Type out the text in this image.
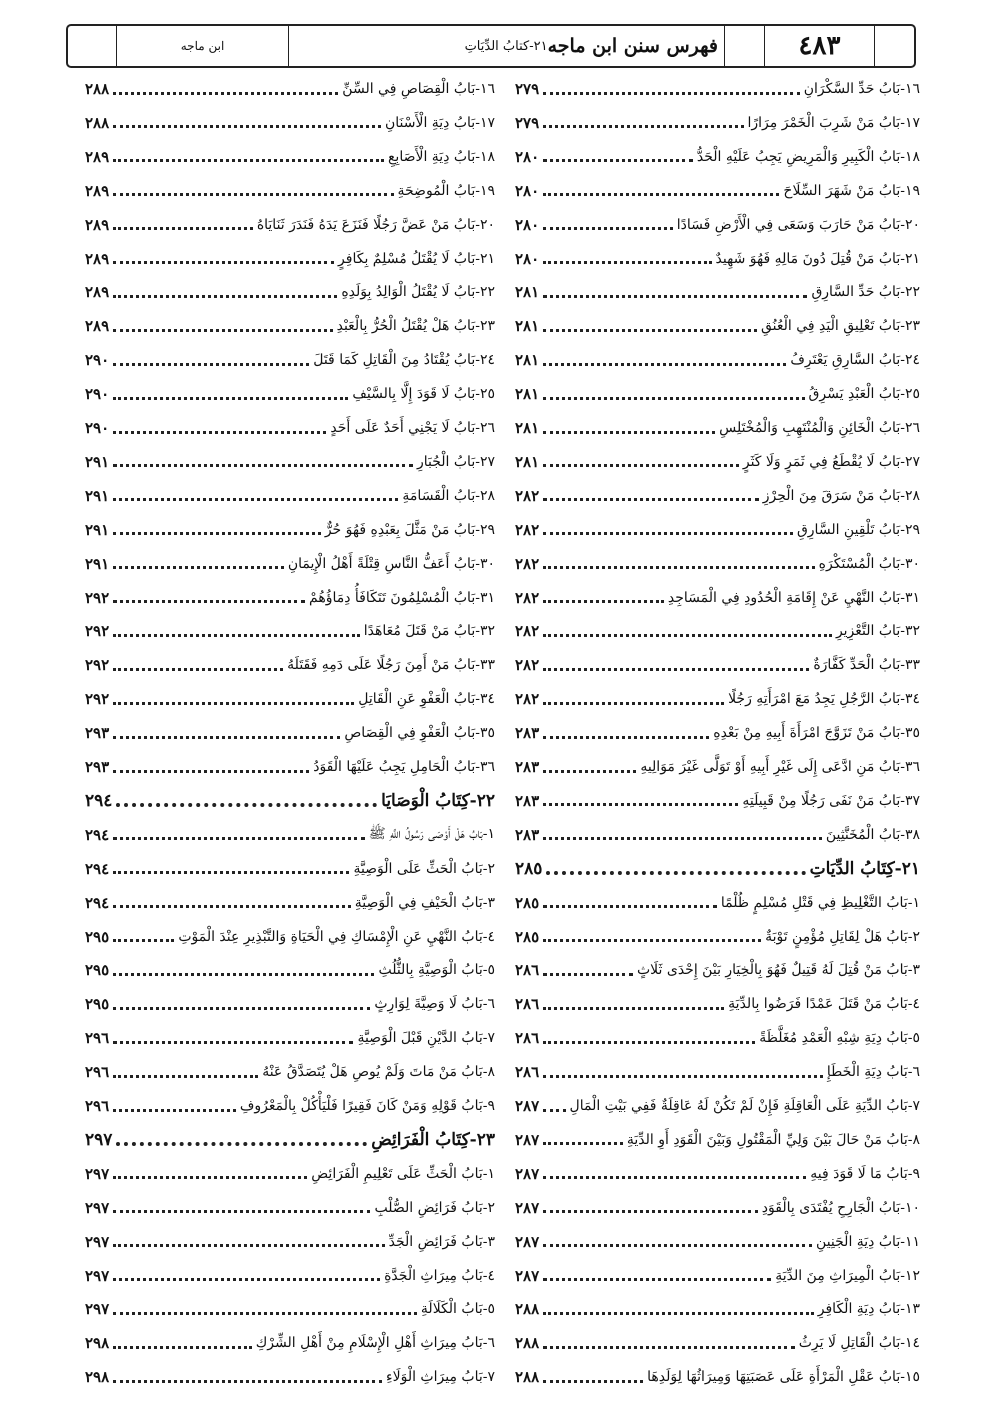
ابن ماجه	٢١-كتابُ الدِّيَاتِ فهرس سنن ابن ماجه	٤٨٣
١٦-بَابُ حَدِّ السَّكْرَانِ
٢٧٩
١٧-بَابُ مَنْ شَرِبَ الْخَمْرَ مِرَارًا
٢٧٩
١٨-بَابُ الْكَبِيرِ وَالْمَرِيضِ يَجِبُ عَلَيْهِ الْحَدُّ
٢٨٠
١٩-بَابُ مَنْ شَهَرَ السِّلَاحَ
٢٨٠
٢٠-بَابُ مَنْ حَارَبَ وَسَعَى فِي الْأَرْضِ فَسَادًا
٢٨٠
٢١-بَابُ مَنْ قُتِلَ دُونَ مَالِهِ فَهُوَ شَهِيدٌ
٢٨٠
٢٢-بَابُ حَدِّ السَّارِقِ
٢٨١
٢٣-بَابُ تَعْلِيقِ الْيَدِ فِي الْعُنُقِ
٢٨١
٢٤-بَابُ السَّارِقِ يَعْتَرِفُ
٢٨١
٢٥-بَابُ الْعَبْدِ يَسْرِقُ
٢٨١
٢٦-بَابُ الْخَائِنِ وَالْمُنْتَهِبِ وَالْمُخْتَلِسِ
٢٨١
٢٧-بَابُ لَا يُقْطَعُ فِي ثَمَرٍ وَلَا كَثَرٍ
٢٨١
٢٨-بَابُ مَنْ سَرَقَ مِنَ الْحِرْزِ
٢٨٢
٢٩-بَابُ تَلْقِينِ السَّارِقِ
٢٨٢
٣٠-بَابُ الْمُسْتَكْرَهِ
٢٨٢
٣١-بَابُ النَّهْيِ عَنْ إِقَامَةِ الْحُدُودِ فِي الْمَسَاجِدِ
٢٨٢
٣٢-بَابُ التَّعْزِيرِ
٢٨٢
٣٣-بَابُ الْحَدِّ كَفَّارَةٌ
٢٨٢
٣٤-بَابُ الرَّجُلِ يَجِدُ مَعَ امْرَأَتِهِ رَجُلًا
٢٨٢
٣٥-بَابُ مَنْ تَزَوَّجَ امْرَأَةَ أَبِيهِ مِنْ بَعْدِهِ
٢٨٣
٣٦-بَابُ مَنِ ادَّعَى إِلَى غَيْرِ أَبِيهِ أَوْ تَوَلَّى غَيْرَ مَوَالِيهِ
٢٨٣
٣٧-بَابُ مَنْ نَفَى رَجُلًا مِنْ قَبِيلَتِهِ
٢٨٣
٣٨-بَابُ الْمُخَنَّثِينَ
٢٨٣
٢١-كِتَابُ الدِّيَاتِ
٢٨٥
١-بَابُ التَّغْلِيظِ فِي قَتْلِ مُسْلِمٍ ظُلْمًا
٢٨٥
٢-بَابُ هَلْ لِقَاتِلِ مُؤْمِنٍ تَوْبَةٌ
٢٨٥
٣-بَابُ مَنْ قُتِلَ لَهُ قَتِيلٌ فَهُوَ بِالْخِيَارِ بَيْنَ إِحْدَى ثَلَاثٍ
٢٨٦
٤-بَابُ مَنْ قَتَلَ عَمْدًا فَرَضُوا بِالدِّيَةِ
٢٨٦
٥-بَابُ دِيَةِ شِبْهِ الْعَمْدِ مُغَلَّظَةً
٢٨٦
٦-بَابُ دِيَةِ الْخَطَإِ
٢٨٦
٧-بَابُ الدِّيَةِ عَلَى الْعَاقِلَةِ فَإِنْ لَمْ تَكُنْ لَهُ عَاقِلَةٌ فَفِي بَيْتِ الْمَالِ
٢٨٧
٨-بَابُ مَنْ حَالَ بَيْنَ وَلِيِّ الْمَقْتُولِ وَبَيْنَ الْقَوَدِ أَوِ الدِّيَةِ
٢٨٧
٩-بَابُ مَا لَا قَوَدَ فِيهِ
٢٨٧
١٠-بَابُ الْجَارِحِ يُفْتَدَى بِالْقَوَدِ
٢٨٧
١١-بَابُ دِيَةِ الْجَنِينِ
٢٨٧
١٢-بَابُ الْمِيرَاثِ مِنَ الدِّيَةِ
٢٨٧
١٣-بَابُ دِيَةِ الْكَافِرِ
٢٨٨
١٤-بَابُ الْقَاتِلِ لَا يَرِثُ
٢٨٨
١٥-بَابُ عَقْلِ الْمَرْأَةِ عَلَى عَصَبَتِهَا وَمِيرَاثُهَا لِوَلَدِهَا
٢٨٨
١٦-بَابُ الْقِصَاصِ فِي السِّنِّ
٢٨٨
١٧-بَابُ دِيَةِ الْأَسْنَانِ
٢٨٨
١٨-بَابُ دِيَةِ الْأَصَابِعِ
٢٨٩
١٩-بَابُ الْمُوضِحَةِ
٢٨٩
٢٠-بَابُ مَنْ عَضَّ رَجُلًا فَنَزَعَ يَدَهُ فَنَدَرَ ثَنَايَاهُ
٢٨٩
٢١-بَابُ لَا يُقْتَلُ مُسْلِمٌ بِكَافِرٍ
٢٨٩
٢٢-بَابُ لَا يُقْتَلُ الْوَالِدُ بِوَلَدِهِ
٢٨٩
٢٣-بَابُ هَلْ يُقْتَلُ الْحُرُّ بِالْعَبْدِ
٢٨٩
٢٤-بَابُ يُقْتَادُ مِنَ الْقَاتِلِ كَمَا قَتَلَ
٢٩٠
٢٥-بَابُ لَا قَوَدَ إِلَّا بِالسَّيْفِ
٢٩٠
٢٦-بَابُ لَا يَجْنِي أَحَدٌ عَلَى أَحَدٍ
٢٩٠
٢٧-بَابُ الْجُبَارِ
٢٩١
٢٨-بَابُ الْقَسَامَةِ
٢٩١
٢٩-بَابُ مَنْ مَثَّلَ بِعَبْدِهِ فَهُوَ حُرٌّ
٢٩١
٣٠-بَابُ أَعَفُّ النَّاسِ قِتْلَةً أَهْلُ الْإِيمَانِ
٢٩١
٣١-بَابُ الْمُسْلِمُونَ تَتَكَافَأُ دِمَاؤُهُمْ
٢٩٢
٣٢-بَابُ مَنْ قَتَلَ مُعَاهَدًا
٢٩٢
٣٣-بَابُ مَنْ أَمِنَ رَجُلًا عَلَى دَمِهِ فَقَتَلَهُ
٢٩٢
٣٤-بَابُ الْعَفْوِ عَنِ الْقَاتِلِ
٢٩٢
٣٥-بَابُ الْعَفْوِ فِي الْقِصَاصِ
٢٩٣
٣٦-بَابُ الْحَامِلِ يَجِبُ عَلَيْهَا الْقَوَدُ
٢٩٣
٢٢-كِتَابُ الْوَصَايَا
٢٩٤
١-بَابُ هَلْ أَوْصَى رَسُولُ اللَّهِ ﷺ
٢٩٤
٢-بَابُ الْحَثِّ عَلَى الْوَصِيَّةِ
٢٩٤
٣-بَابُ الْحَيْفِ فِي الْوَصِيَّةِ
٢٩٤
٤-بَابُ النَّهْيِ عَنِ الْإِمْسَاكِ فِي الْحَيَاةِ وَالتَّبْذِيرِ عِنْدَ الْمَوْتِ
٢٩٥
٥-بَابُ الْوَصِيَّةِ بِالثُّلُثِ
٢٩٥
٦-بَابُ لَا وَصِيَّةَ لِوَارِثٍ
٢٩٥
٧-بَابُ الدَّيْنِ قَبْلَ الْوَصِيَّةِ
٢٩٦
٨-بَابُ مَنْ مَاتَ وَلَمْ يُوصِ هَلْ يُتَصَدَّقُ عَنْهُ
٢٩٦
٩-بَابُ قَوْلِهِ وَمَنْ كَانَ فَقِيرًا فَلْيَأْكُلْ بِالْمَعْرُوفِ
٢٩٦
٢٣-كِتَابُ الْفَرَائِضِ
٢٩٧
١-بَابُ الْحَثِّ عَلَى تَعْلِيمِ الْفَرَائِضِ
٢٩٧
٢-بَابُ فَرَائِضِ الصُّلْبِ
٢٩٧
٣-بَابُ فَرَائِضِ الْجَدِّ
٢٩٧
٤-بَابُ مِيرَاثِ الْجَدَّةِ
٢٩٧
٥-بَابُ الْكَلَالَةِ
٢٩٧
٦-بَابُ مِيرَاثِ أَهْلِ الْإِسْلَامِ مِنْ أَهْلِ الشِّرْكِ
٢٩٨
٧-بَابُ مِيرَاثِ الْوَلَاءِ
٢٩٨
